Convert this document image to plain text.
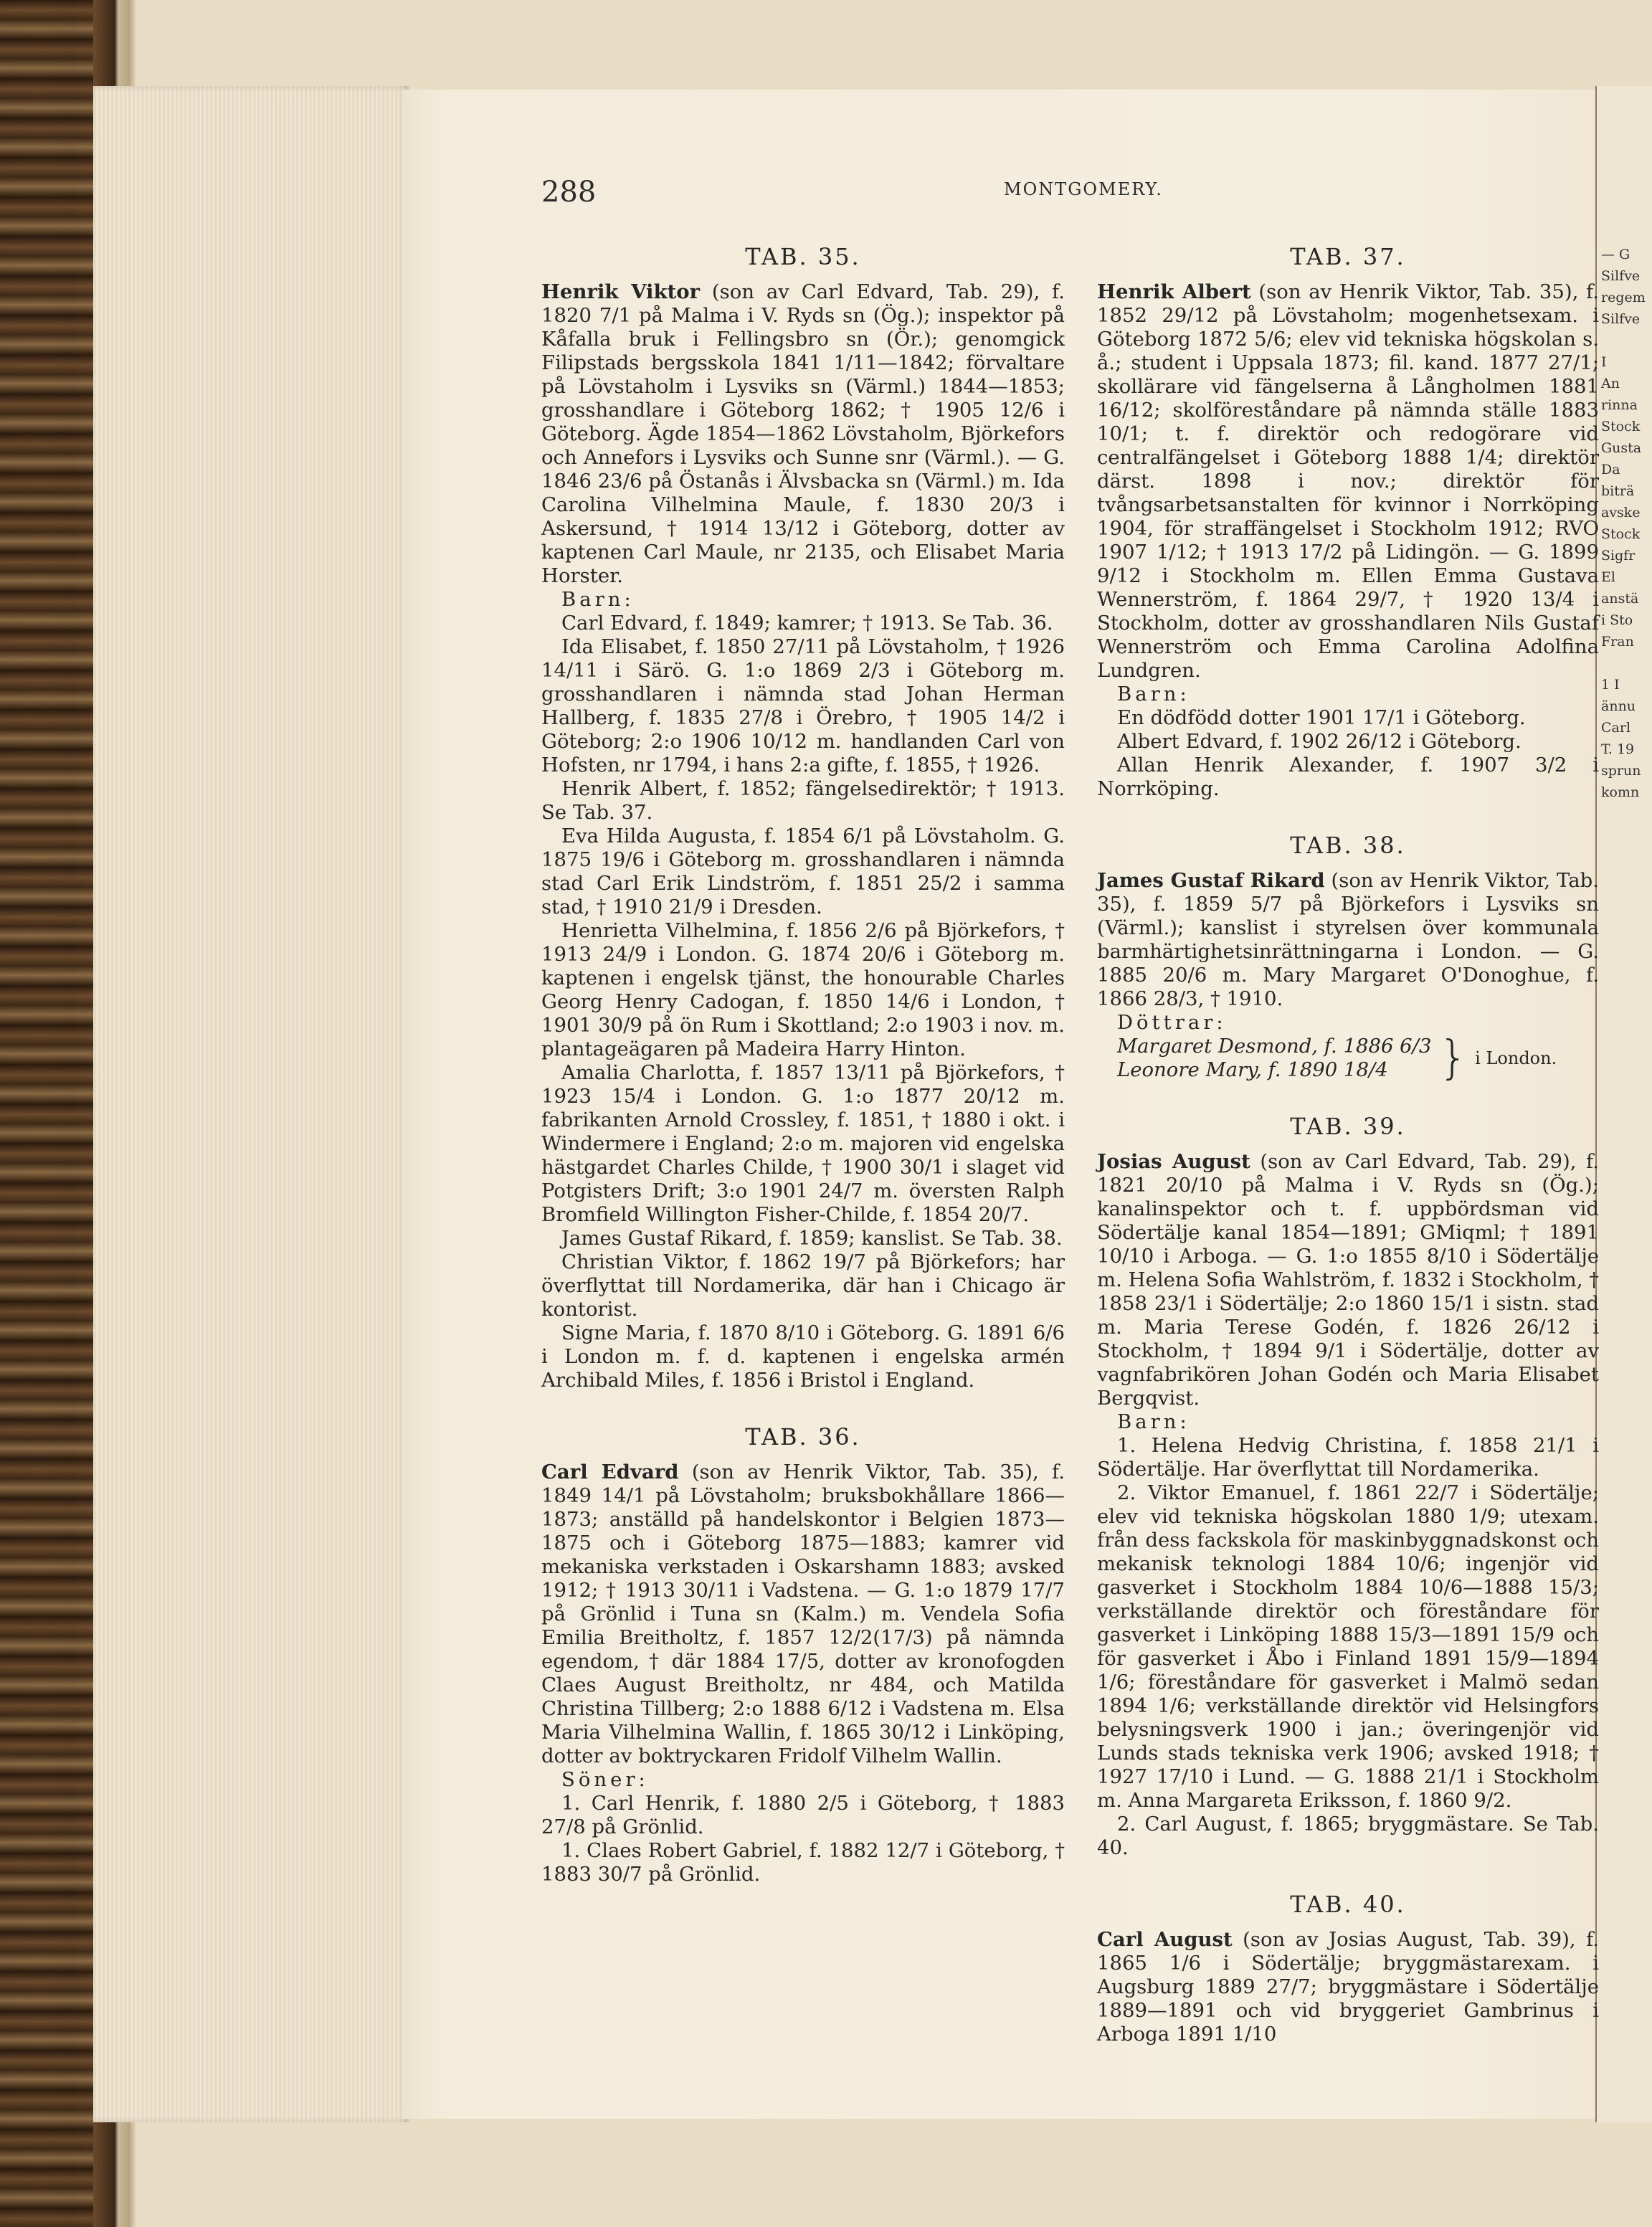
— G
Silfve
regem
Silfve
I
An
rinna
Stock
Gusta
Da
biträ
avske
Stock
Sigfr
El
anstä
i Sto
Fran
1 I
ännu
Carl
T. 19
sprun
komn
288	MONTGOMERY.
TAB. 35.

Henrik Viktor (son av Carl Edvard, Tab. 29), f. 1820 7/1 på Malma i V. Ryds sn (Ög.); inspektor på Kåfalla bruk i Fellingsbro sn (Ör.); genomgick Filipstads bergsskola 1841 1/11—1842; förvaltare på Lövstaholm i Lysviks sn (Värml.) 1844—1853; grosshandlare i Göteborg 1862; † 1905 12/6 i Göteborg. Ägde 1854—1862 Lövstaholm, Björkefors och Annefors i Lysviks och Sunne snr (Värml.). — G. 1846 23/6 på Östanås i Älvsbacka sn (Värml.) m. Ida Carolina Vilhelmina Maule, f. 1830 20/3 i Askersund, † 1914 13/12 i Göteborg, dotter av kaptenen Carl Maule, nr 2135, och Elisabet Maria Horster.

Barn:

Carl Edvard, f. 1849; kamrer; † 1913. Se Tab. 36.

Ida Elisabet, f. 1850 27/11 på Lövstaholm, † 1926 14/11 i Särö. G. 1:o 1869 2/3 i Göteborg m. grosshandlaren i nämnda stad Johan Herman Hallberg, f. 1835 27/8 i Örebro, † 1905 14/2 i Göteborg; 2:o 1906 10/12 m. handlanden Carl von Hofsten, nr 1794, i hans 2:a gifte, f. 1855, † 1926.

Henrik Albert, f. 1852; fängelsedirektör; † 1913. Se Tab. 37.

Eva Hilda Augusta, f. 1854 6/1 på Lövstaholm. G. 1875 19/6 i Göteborg m. grosshandlaren i nämnda stad Carl Erik Lindström, f. 1851 25/2 i samma stad, † 1910 21/9 i Dresden.

Henrietta Vilhelmina, f. 1856 2/6 på Björkefors, † 1913 24/9 i London. G. 1874 20/6 i Göteborg m. kaptenen i engelsk tjänst, the honourable Charles Georg Henry Cadogan, f. 1850 14/6 i London, † 1901 30/9 på ön Rum i Skottland; 2:o 1903 i nov. m. plantageägaren på Madeira Harry Hinton.

Amalia Charlotta, f. 1857 13/11 på Björkefors, † 1923 15/4 i London. G. 1:o 1877 20/12 m. fabrikanten Arnold Crossley, f. 1851, † 1880 i okt. i Windermere i England; 2:o m. majoren vid engelska hästgardet Charles Childe, † 1900 30/1 i slaget vid Potgisters Drift; 3:o 1901 24/7 m. översten Ralph Bromfield Willington Fisher-Childe, f. 1854 20/7.

James Gustaf Rikard, f. 1859; kanslist. Se Tab. 38.

Christian Viktor, f. 1862 19/7 på Björkefors; har överflyttat till Nordamerika, där han i Chicago är kontorist.

Signe Maria, f. 1870 8/10 i Göteborg. G. 1891 6/6 i London m. f. d. kaptenen i engelska armén Archibald Miles, f. 1856 i Bristol i England.

TAB. 36.

Carl Edvard (son av Henrik Viktor, Tab. 35), f. 1849 14/1 på Lövstaholm; bruksbokhållare 1866—1873; anställd på handelskontor i Belgien 1873—1875 och i Göteborg 1875—1883; kamrer vid mekaniska verkstaden i Oskarshamn 1883; avsked 1912; † 1913 30/11 i Vadstena. — G. 1:o 1879 17/7 på Grönlid i Tuna sn (Kalm.) m. Vendela Sofia Emilia Breitholtz, f. 1857 12/2(17/3) på nämnda egendom, † där 1884 17/5, dotter av kronofogden Claes August Breitholtz, nr 484, och Matilda Christina Tillberg; 2:o 1888 6/12 i Vadstena m. Elsa Maria Vilhelmina Wallin, f. 1865 30/12 i Linköping, dotter av boktryckaren Fridolf Vilhelm Wallin.

Söner:

1. Carl Henrik, f. 1880 2/5 i Göteborg, † 1883 27/8 på Grönlid.

1. Claes Robert Gabriel, f. 1882 12/7 i Göteborg, † 1883 30/7 på Grönlid.

TAB. 37.

Henrik Albert (son av Henrik Viktor, Tab. 35), f. 1852 29/12 på Lövstaholm; mogenhetsexam. i Göteborg 1872 5/6; elev vid tekniska högskolan s. å.; student i Uppsala 1873; fil. kand. 1877 27/1; skollärare vid fängelserna å Långholmen 1881 16/12; skolföreståndare på nämnda ställe 1883 10/1; t. f. direktör och redogörare vid centralfängelset i Göteborg 1888 1/4; direktör därst. 1898 i nov.; direktör för tvångsarbetsanstalten för kvinnor i Norrköping 1904, för straffängelset i Stockholm 1912; RVO 1907 1/12; † 1913 17/2 på Lidingön. — G. 1899 9/12 i Stockholm m. Ellen Emma Gustava Wennerström, f. 1864 29/7, † 1920 13/4 i Stockholm, dotter av grosshandlaren Nils Gustaf Wennerström och Emma Carolina Adolfina Lundgren.

Barn:

En dödfödd dotter 1901 17/1 i Göteborg.

Albert Edvard, f. 1902 26/12 i Göteborg.

Allan Henrik Alexander, f. 1907 3/2 i Norrköping.

TAB. 38.

James Gustaf Rikard (son av Henrik Viktor, Tab. 35), f. 1859 5/7 på Björkefors i Lysviks sn (Värml.); kanslist i styrelsen över kommunala barmhärtighetsinrättningarna i London. — G. 1885 20/6 m. Mary Margaret O'Donoghue, f. 1866 28/3, † 1910.

Döttrar:

Margaret Desmond, f. 1886 6/3
Leonore Mary, f. 1890 18/4	} i London.
TAB. 39.

Josias August (son av Carl Edvard, Tab. 29), f. 1821 20/10 på Malma i V. Ryds sn (Ög.); kanalinspektor och t. f. uppbördsman vid Södertälje kanal 1854—1891; GMiqml; † 1891 10/10 i Arboga. — G. 1:o 1855 8/10 i Södertälje m. Helena Sofia Wahlström, f. 1832 i Stockholm, † 1858 23/1 i Södertälje; 2:o 1860 15/1 i sistn. stad m. Maria Terese Godén, f. 1826 26/12 i Stockholm, † 1894 9/1 i Södertälje, dotter av vagnfabrikören Johan Godén och Maria Elisabet Bergqvist.

Barn:

1. Helena Hedvig Christina, f. 1858 21/1 i Södertälje. Har överflyttat till Nordamerika.

2. Viktor Emanuel, f. 1861 22/7 i Södertälje; elev vid tekniska högskolan 1880 1/9; utexam. från dess fackskola för maskinbyggnadskonst och mekanisk teknologi 1884 10/6; ingenjör vid gasverket i Stockholm 1884 10/6—1888 15/3; verkställande direktör och föreståndare för gasverket i Linköping 1888 15/3—1891 15/9 och för gasverket i Åbo i Finland 1891 15/9—1894 1/6; föreståndare för gasverket i Malmö sedan 1894 1/6; verkställande direktör vid Helsingfors belysningsverk 1900 i jan.; överingenjör vid Lunds stads tekniska verk 1906; avsked 1918; † 1927 17/10 i Lund. — G. 1888 21/1 i Stockholm m. Anna Margareta Eriksson, f. 1860 9/2.

2. Carl August, f. 1865; bryggmästare. Se Tab. 40.

TAB. 40.

Carl August (son av Josias August, Tab. 39), f. 1865 1/6 i Södertälje; bryggmästarexam. i Augsburg 1889 27/7; bryggmästare i Södertälje 1889—1891 och vid bryggeriet Gambrinus i Arboga 1891 1/10
